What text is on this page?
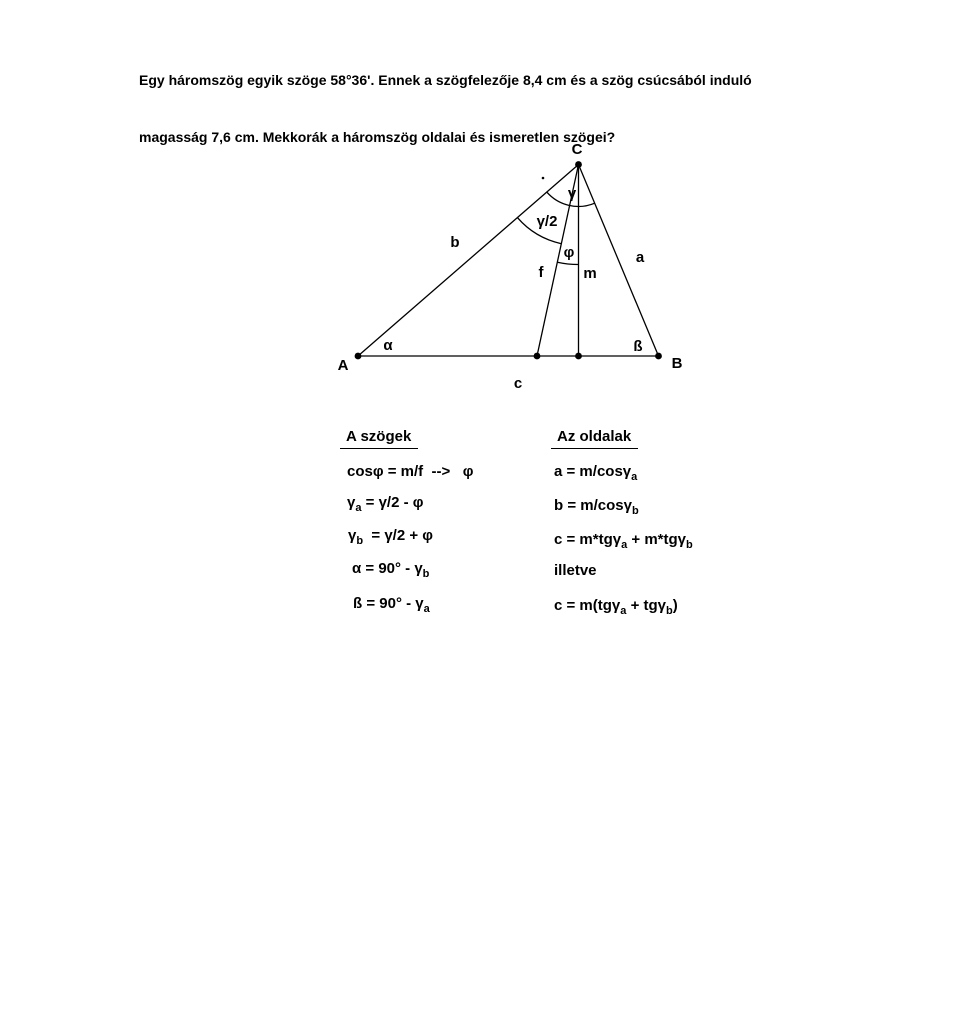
Egy háromszög egyik szöge 58°36'. Ennek a szögfelezője 8,4 cm és a szög csúcsából induló

magasság 7,6 cm. Mekkorák a háromszög oldalai és ismeretlen szögei?

C
A	B
b
a
c
α	ß
γ
γ/2
φ
f	m
A szögek
cosφ = m/f  -->   φ
$\gamma_a = \gamma/2 - \varphi$
$\gamma_b = \gamma/2 + \varphi$
$\alpha = 90^\circ - \gamma_b$
ß = $90^\circ - \gamma_a$
Az oldalak
a = m/cosγ$_a$
b = m/cosγ$_b$
c = m*tgγ$_a$ + m*tgγ$_b$
illetve
c = m(tgγ$_a$ + tgγ$_b$)
